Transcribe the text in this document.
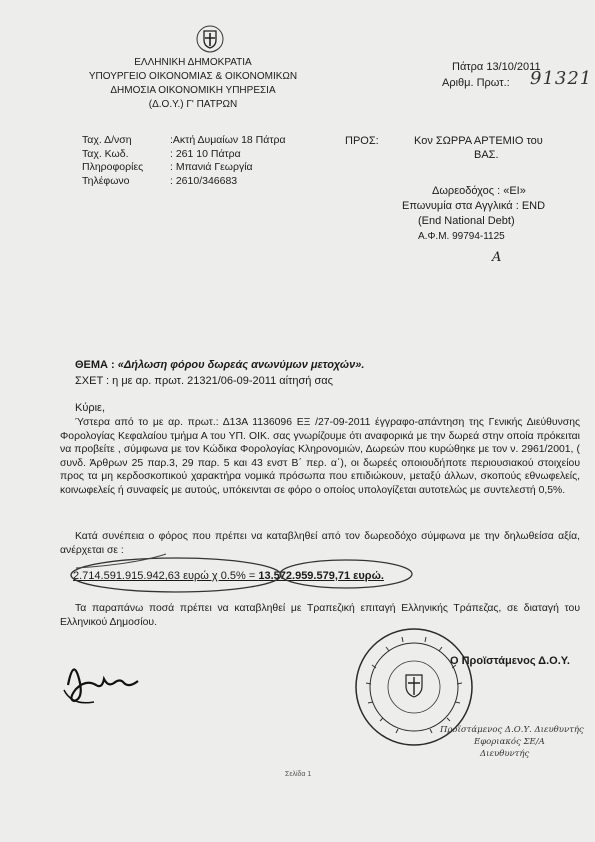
ΕΛΛΗΝΙΚΗ ΔΗΜΟΚΡΑΤΙΑ
ΥΠΟΥΡΓΕΙΟ ΟΙΚΟΝΟΜΙΑΣ & ΟΙΚΟΝΟΜΙΚΩΝ
ΔΗΜΟΣΙΑ ΟΙΚΟΝΟΜΙΚΗ ΥΠΗΡΕΣΙΑ
(Δ.Ο.Υ.) Γ' ΠΑΤΡΩΝ
Πάτρα 13/10/2011
Αριθμ. Πρωτ.: 91321
Ταχ. Δ/νση
Ταχ. Κωδ.
Πληροφορίες
Τηλέφωνο
:Ακτή Δυμαίων 18 Πάτρα
: 261 10 Πάτρα
: Μπανιά Γεωργία
: 2610/346683
ΠΡΟΣ:	Κον ΣΩΡΡΑ ΑΡΤΕΜΙΟ του
ΒΑΣ.
Δωρεοδόχος : «ΕΙ»
Επωνυμία στα Αγγλικά : END
(End National Debt)
Α.Φ.Μ. 99794-1125
A
ΘΕΜΑ : «Δήλωση φόρου δωρεάς ανωνύμων μετοχών».
ΣΧΕΤ : η με αρ. πρωτ. 21321/06-09-2011 αίτησή σας
Κύριε,
Ύστερα από το με αρ. πρωτ.: Δ13Α 1136096 ΕΞ /27-09-2011 έγγραφο-απάντηση της Γενικής Διεύθυνσης Φορολογίας Κεφαλαίου τμήμα Α του ΥΠ. ΟΙΚ. σας γνωρίζουμε ότι αναφορικά με την δωρεά στην οποία πρόκειται να προβείτε , σύμφωνα με τον Κώδικα Φορολογίας Κληρονομιών, Δωρεών που κυρώθηκε με τον ν. 2961/2001, ( συνδ. Άρθρων 25 παρ.3, 29 παρ. 5 και 43 ενστ Β΄ περ. α΄), οι δωρεές οποιουδήποτε περιουσιακού στοιχείου προς τα μη κερδοσκοπικού χαρακτήρα νομικά πρόσωπα που επιδιώκουν, μεταξύ άλλων, σκοπούς εθνωφελείς, κοινωφελείς ή συναφείς με αυτούς, υπόκεινται σε φόρο ο οποίος υπολογίζεται αυτοτελώς με συντελεστή 0,5%.
Κατά συνέπεια ο φόρος που πρέπει να καταβληθεί από τον δωρεοδόχο σύμφωνα με την δηλωθείσα αξία, ανέρχεται σε :
2.714.591.915.942,63 ευρώ χ 0.5% = 13.572.959.579,71 ευρώ.
Τα παραπάνω ποσά πρέπει να καταβληθεί με Τραπεζική επιταγή Ελληνικής Τράπεζας, σε διαταγή του Ελληνικού Δημοσίου.
Ο Προϊστάμενος Δ.Ο.Υ.
Προϊστάμενος Δ.Ο.Υ. Διευθυντής
Εφοριακός ΣΕ/Α
Διευθυντής
Σελίδα 1
